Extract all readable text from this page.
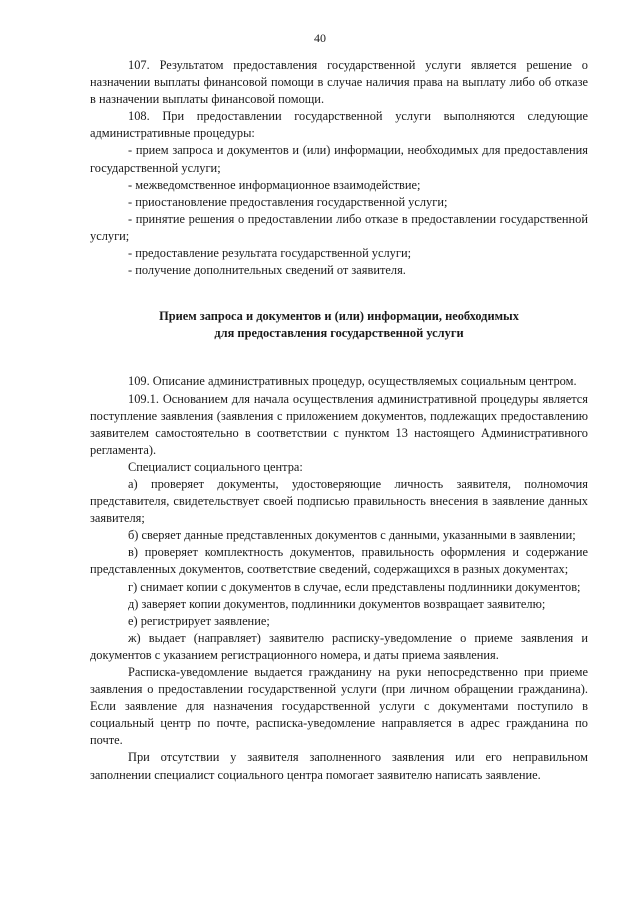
40

107. Результатом предоставления государственной услуги является решение о назначении выплаты финансовой помощи в случае наличия права на выплату либо об отказе в назначении выплаты финансовой помощи.

108. При предоставлении государственной услуги выполняются следующие административные процедуры:

- прием запроса и документов и (или) информации, необходимых для предоставления государственной услуги;

- межведомственное информационное взаимодействие;

- приостановление предоставления государственной услуги;

- принятие решения о предоставлении либо отказе в предоставлении государственной услуги;

- предоставление результата государственной услуги;

- получение дополнительных сведений от заявителя.

Прием запроса и документов и (или) информации, необходимых
для предоставления государственной услуги

109. Описание административных процедур, осуществляемых социальным центром.

109.1. Основанием для начала осуществления административной процедуры является поступление заявления (заявления с приложением документов, подлежащих предоставлению заявителем самостоятельно в соответствии с пунктом 13 настоящего Административного регламента).

Специалист социального центра:

а) проверяет документы, удостоверяющие личность заявителя, полномочия представителя, свидетельствует своей подписью правильность внесения в заявление данных заявителя;

б) сверяет данные представленных документов с данными, указанными в заявлении;

в) проверяет комплектность документов, правильность оформления и содержание представленных документов, соответствие сведений, содержащихся в разных документах;

г) снимает копии с документов в случае, если представлены подлинники документов;

д) заверяет копии документов, подлинники документов возвращает заявителю;

е) регистрирует заявление;

ж) выдает (направляет) заявителю расписку-уведомление о приеме заявления и документов с указанием регистрационного номера, и даты приема заявления.

Расписка-уведомление выдается гражданину на руки непосредственно при приеме заявления о предоставлении государственной услуги (при личном обращении гражданина). Если заявление для назначения государственной услуги с документами поступило в социальный центр по почте, расписка-уведомление направляется в адрес гражданина по почте.

При отсутствии у заявителя заполненного заявления или его неправильном заполнении специалист социального центра помогает заявителю написать заявление.
